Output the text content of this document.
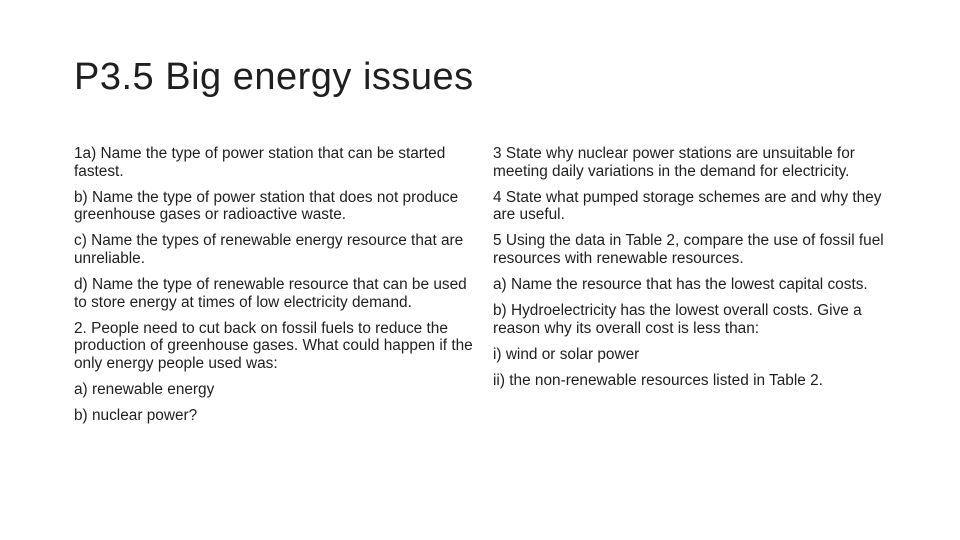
P3.5 Big energy issues

1a) Name the type of power station that can be started fastest.

b) Name the type of power station that does not produce greenhouse gases or radioactive waste.

c) Name the types of renewable energy resource that are unreliable.

d) Name the type of renewable resource that can be used to store energy at times of low electricity demand.

2. People need to cut back on fossil fuels to reduce the production of greenhouse gases. What could happen if the only energy people used was:

a) renewable energy

b) nuclear power?

3 State why nuclear power stations are unsuitable for meeting daily variations in the demand for electricity.

4 State what pumped storage schemes are and why they are useful.

5 Using the data in Table 2, compare the use of fossil fuel resources with renewable resources.

a) Name the resource that has the lowest capital costs.

b) Hydroelectricity has the lowest overall costs. Give a reason why its overall cost is less than:

i) wind or solar power

ii) the non-renewable resources listed in Table 2.
